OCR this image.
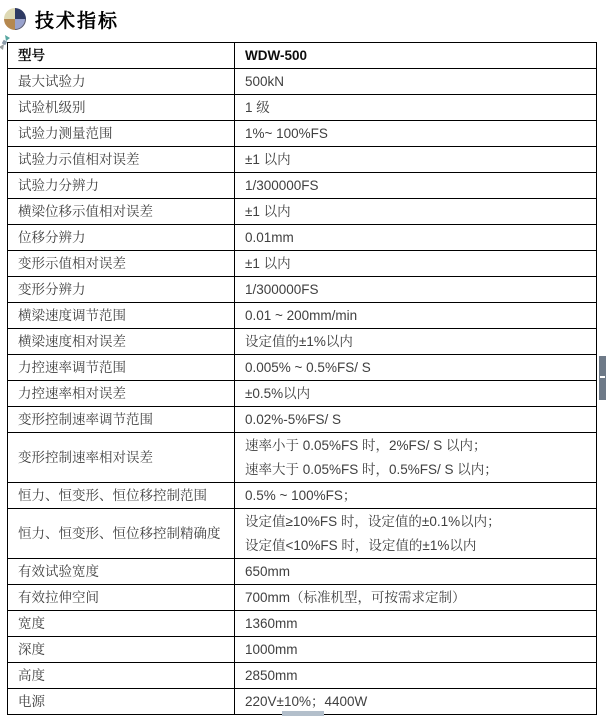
技术指标
型号	WDW-500
最大试验力	500kN
试验机级别	1 级
试验力测量范围	1%~ 100%FS
试验力示值相对误差	±1 以内
试验力分辨力	1/300000FS
横梁位移示值相对误差	±1 以内
位移分辨力	0.01mm
变形示值相对误差	±1 以内
变形分辨力	1/300000FS
横梁速度调节范围	0.01 ~ 200mm/min
横梁速度相对误差	设定值的±1%以内
力控速率调节范围	0.005% ~ 0.5%FS/ S
力控速率相对误差	±0.5%以内
变形控制速率调节范围	0.02%-5%FS/ S
变形控制速率相对误差	速率小于 0.05%FS 时，2%FS/ S 以内；
速率大于 0.05%FS 时，0.5%FS/ S 以内；

恒力、恒变形、恒位移控制范围	0.5% ~ 100%FS；
恒力、恒变形、恒位移控制精确度	设定值≥10%FS 时，设定值的±0.1%以内；
设定值<10%FS 时，设定值的±1%以内

有效试验宽度	650mm
有效拉伸空间	700mm（标准机型，可按需求定制）
宽度	1360mm
深度	1000mm
高度	2850mm
电源	220V±10%；4400W
